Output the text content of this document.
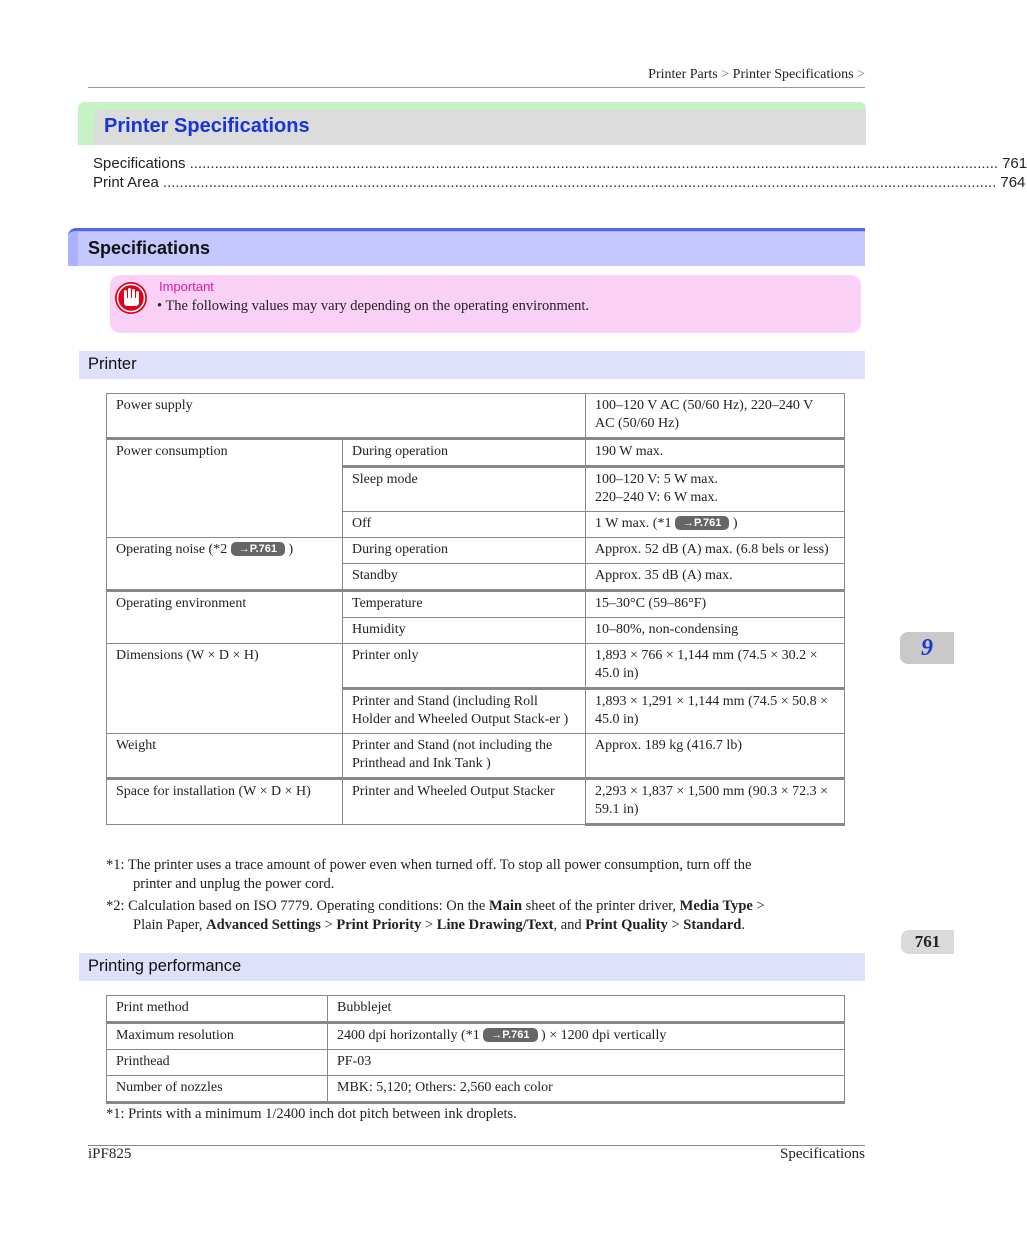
Printer Parts > Printer Specifications >
Printer Specifications
Specifications .................................................................................................................................................................................................. 761
Print Area ........................................................................................................................................................................................................ 764
Specifications
Important
• The following values may vary depending on the operating environment.
Printer
Power supply		100–120 V AC (50/60 Hz), 220–240 V AC (50/60 Hz)
Power consumption	During operation	190 W max.
	Sleep mode	100–120 V: 5 W max.
220–240 V: 6 W max.

	Off	1 W max. (*1 →P.761 )
Operating noise (*2 →P.761 )	During operation	Approx. 52 dB (A) max. (6.8 bels or less)
	Standby	Approx. 35 dB (A) max.
Operating environment	Temperature	15–30°C (59–86°F)
	Humidity	10–80%, non-condensing
Dimensions (W × D × H)	Printer only	1,893 × 766 × 1,144 mm (74.5 × 30.2 × 45.0 in)
	Printer and Stand (including Roll Holder and Wheeled Output Stack-er )	1,893 × 1,291 × 1,144 mm (74.5 × 50.8 × 45.0 in)
Weight	Printer and Stand (not including the Printhead and Ink Tank )	Approx. 189 kg (416.7 lb)
Space for installation (W × D × H)	Printer and Wheeled Output Stacker	2,293 × 1,837 × 1,500 mm (90.3 × 72.3 × 59.1 in)
*1: The printer uses a trace amount of power even when turned off. To stop all power consumption, turn off the
printer and unplug the power cord.
*2: Calculation based on ISO 7779. Operating conditions: On the Main sheet of the printer driver, Media Type >
Plain Paper, Advanced Settings > Print Priority > Line Drawing/Text, and Print Quality > Standard.
Printing performance
Print method	Bubblejet
Maximum resolution	2400 dpi horizontally (*1 →P.761 ) × 1200 dpi vertically
Printhead	PF-03
Number of nozzles	MBK: 5,120; Others: 2,560 each color
*1: Prints with a minimum 1/2400 inch dot pitch between ink droplets.
9
761
iPF825	Specifications
